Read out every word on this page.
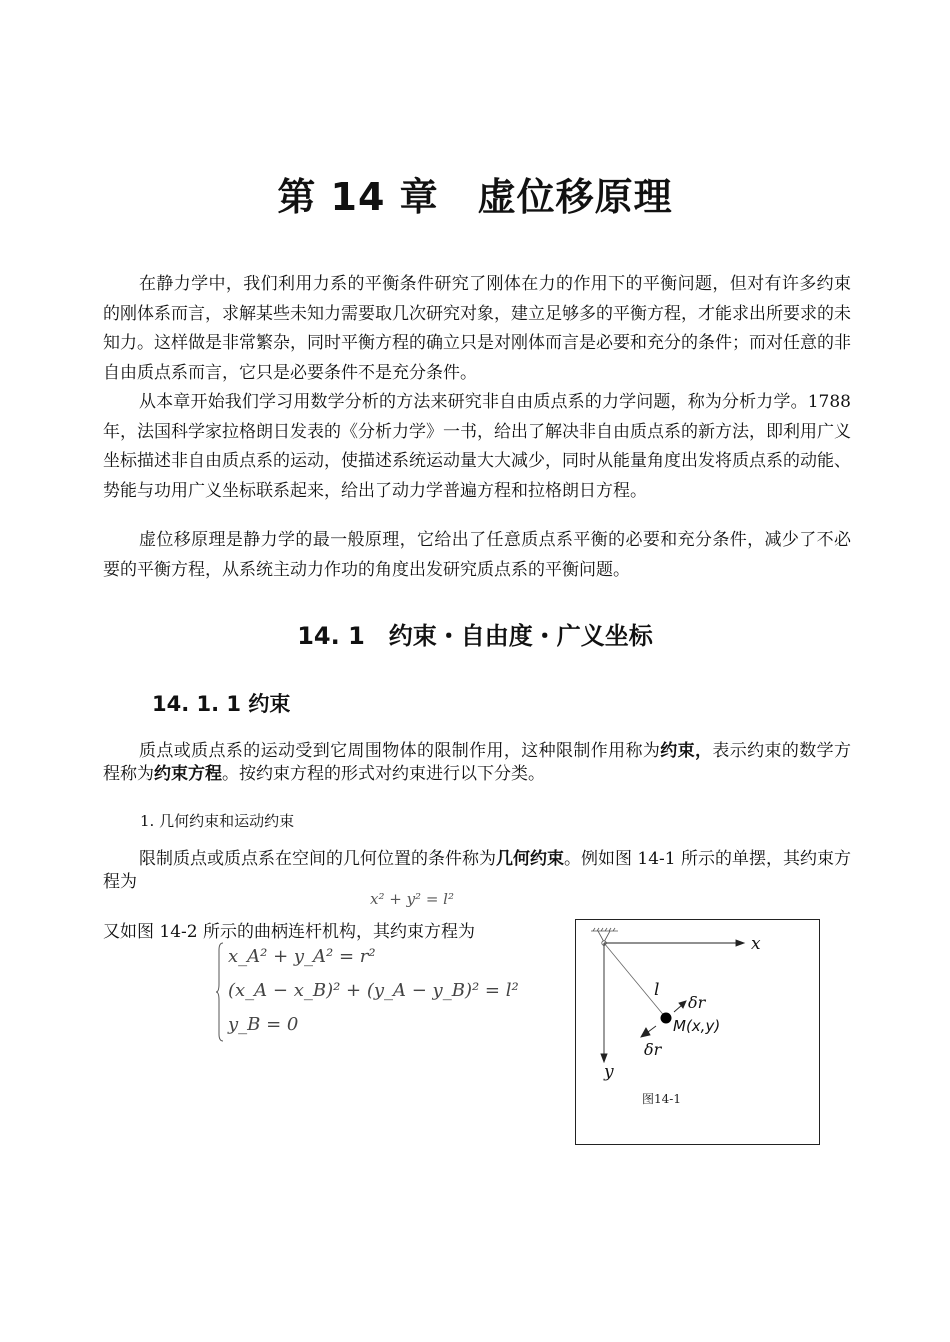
第 14 章　虚位移原理

在静力学中，我们利用力系的平衡条件研究了刚体在力的作用下的平衡问题，但对有许多约束的刚体系而言，求解某些未知力需要取几次研究对象，建立足够多的平衡方程，才能求出所要求的未知力。这样做是非常繁杂，同时平衡方程的确立只是对刚体而言是必要和充分的条件；而对任意的非自由质点系而言，它只是必要条件不是充分条件。

从本章开始我们学习用数学分析的方法来研究非自由质点系的力学问题，称为分析力学。1788 年，法国科学家拉格朗日发表的《分析力学》一书，给出了解决非自由质点系的新方法，即利用广义坐标描述非自由质点系的运动，使描述系统运动量大大减少，同时从能量角度出发将质点系的动能、势能与功用广义坐标联系起来，给出了动力学普遍方程和拉格朗日方程。

虚位移原理是静力学的最一般原理，它给出了任意质点系平衡的必要和充分条件，减少了不必要的平衡方程，从系统主动力作功的角度出发研究质点系的平衡问题。

14. 1　约束・自由度・广义坐标
14. 1. 1 约束

质点或质点系的运动受到它周围物体的限制作用，这种限制作用称为约束，表示约束的数学方程称为约束方程。按约束方程的形式对约束进行以下分类。

1. 几何约束和运动约束

限制质点或质点系在空间的几何位置的条件称为几何约束。例如图 14-1 所示的单摆，其约束方程为

x² + y² = l²
又如图 14-2 所示的曲柄连杆机构，其约束方程为
x_A² + y_A² = r²
(x_A − x_B)² + (y_A − y_B)² = l²
y_B = 0
x
y
l
δr
M(x,y)
δr
图14-1
